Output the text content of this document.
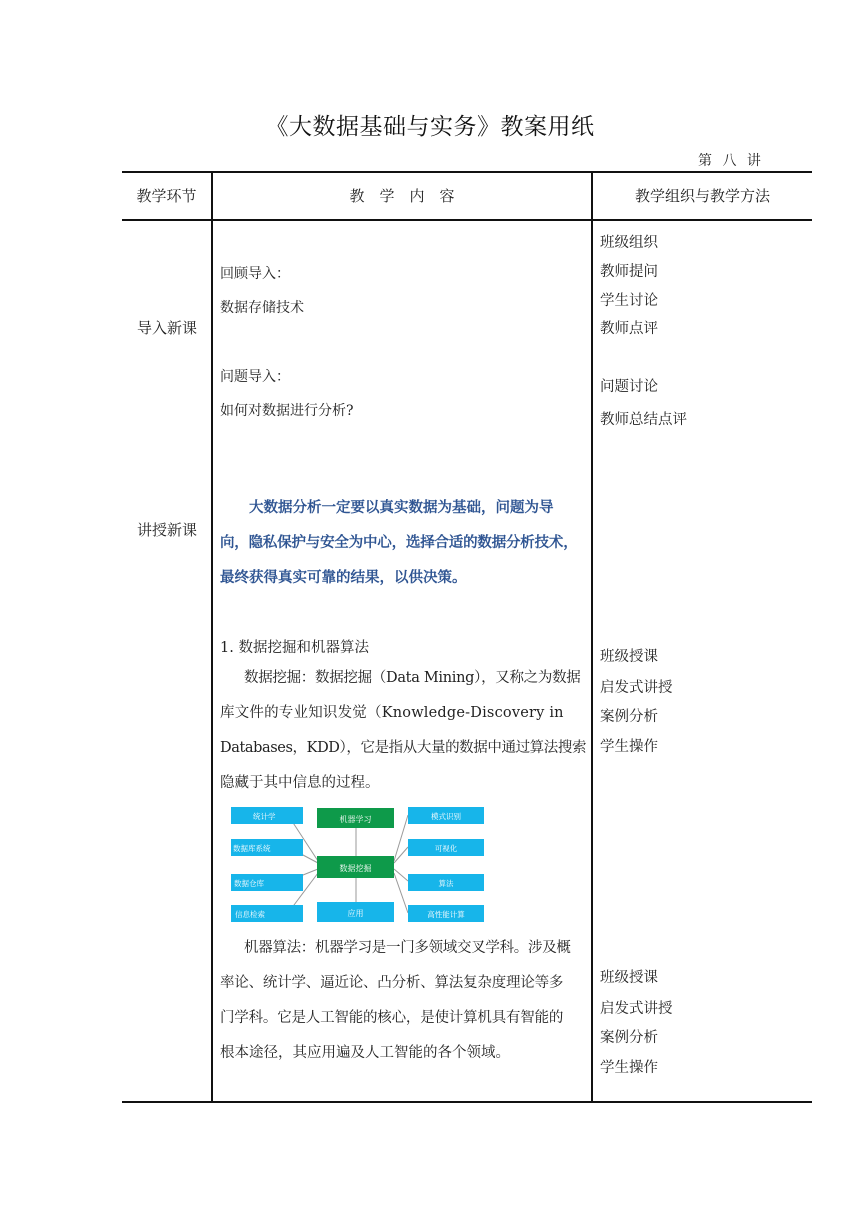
《大数据基础与实务》教案用纸
第 八 讲
教学环节	教　学　内　容	教学组织与教学方法
导入新课
讲授新课
回顾导入：
数据存储技术
问题导入：
如何对数据进行分析?
大数据分析一定要以真实数据为基础，问题为导
向，隐私保护与安全为中心，选择合适的数据分析技术，
最终获得真实可靠的结果，以供决策。
1. 数据挖掘和机器算法
数据挖掘：数据挖掘（Data Mining），又称之为数据
库文件的专业知识发觉（Knowledge-Discovery in
Databases，KDD），它是指从大量的数据中通过算法搜索
隐藏于其中信息的过程。
机器学习
数据挖掘
应用
统计学
数据库系统
数据仓库
信息检索
模式识别
可视化
算法
高性能计算
机器算法：机器学习是一门多领域交叉学科。涉及概
率论、统计学、逼近论、凸分析、算法复杂度理论等多
门学科。它是人工智能的核心，是使计算机具有智能的
根本途径，其应用遍及人工智能的各个领域。
班级组织
教师提问
学生讨论
教师点评
问题讨论
教师总结点评
班级授课
启发式讲授
案例分析
学生操作
班级授课
启发式讲授
案例分析
学生操作
